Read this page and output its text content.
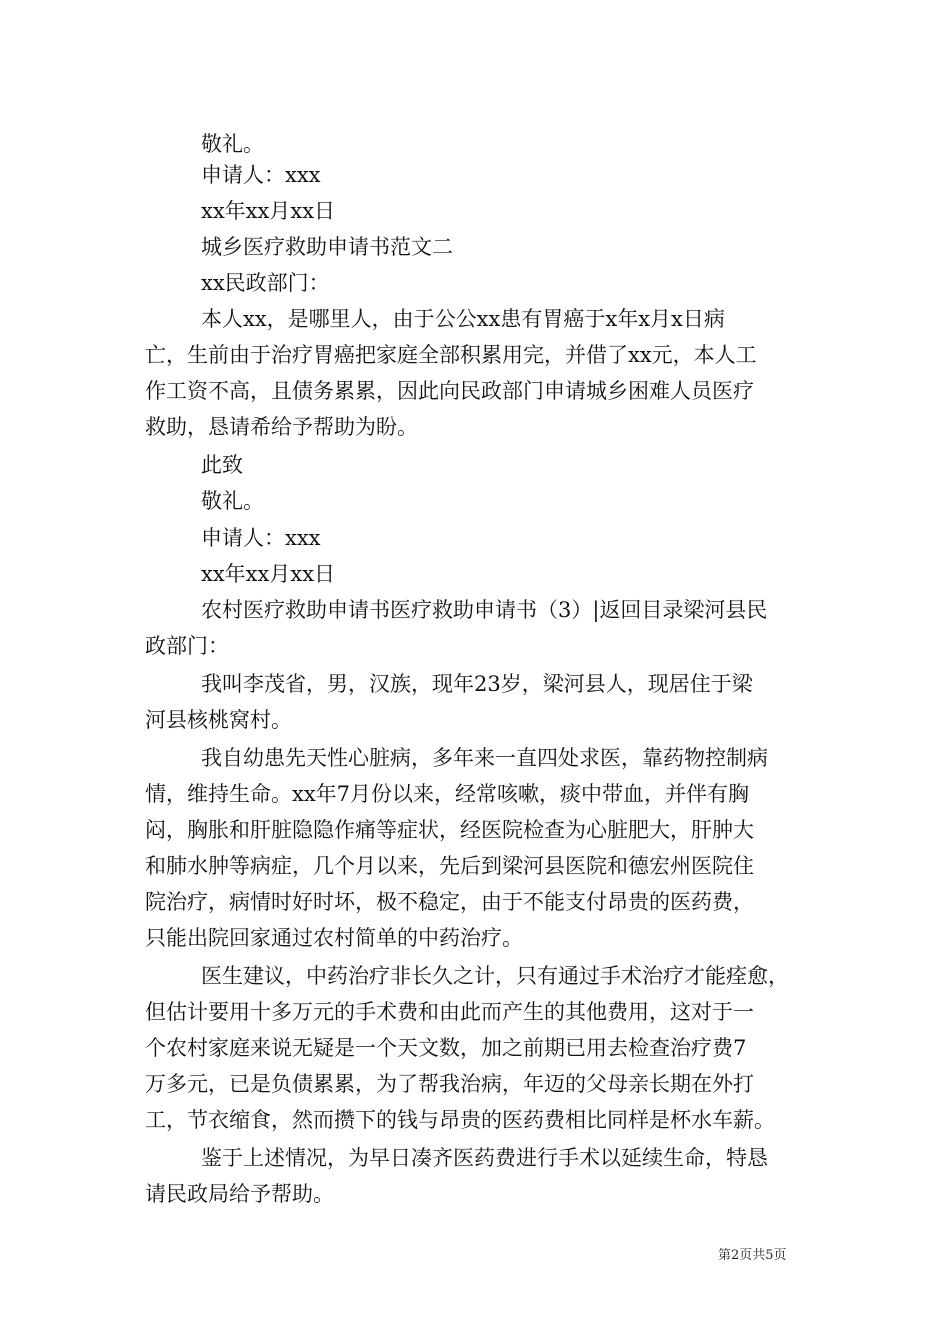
敬礼。
申请人：xxx
xx年xx月xx日
城乡医疗救助申请书范文二
xx民政部门：
本人xx，是哪里人，由于公公xx患有胃癌于x年x月x日病
亡，生前由于治疗胃癌把家庭全部积累用完，并借了xx元，本人工
作工资不高，且债务累累，因此向民政部门申请城乡困难人员医疗
救助，恳请希给予帮助为盼。
此致
敬礼。
申请人：xxx
xx年xx月xx日
农村医疗救助申请书医疗救助申请书（3）|返回目录梁河县民
政部门：
我叫李茂省，男，汉族，现年23岁，梁河县人，现居住于梁
河县核桃窝村。
我自幼患先天性心脏病，多年来一直四处求医，靠药物控制病
情，维持生命。xx年7月份以来，经常咳嗽，痰中带血，并伴有胸
闷，胸胀和肝脏隐隐作痛等症状，经医院检查为心脏肥大，肝肿大
和肺水肿等病症，几个月以来，先后到梁河县医院和德宏州医院住
院治疗，病情时好时坏，极不稳定，由于不能支付昂贵的医药费，
只能出院回家通过农村简单的中药治疗。
医生建议，中药治疗非长久之计，只有通过手术治疗才能痊愈，
但估计要用十多万元的手术费和由此而产生的其他费用，这对于一
个农村家庭来说无疑是一个天文数，加之前期已用去检查治疗费7
万多元，已是负债累累，为了帮我治病，年迈的父母亲长期在外打
工，节衣缩食，然而攒下的钱与昂贵的医药费相比同样是杯水车薪。
鉴于上述情况，为早日凑齐医药费进行手术以延续生命，特恳
请民政局给予帮助。
第2页共5页
